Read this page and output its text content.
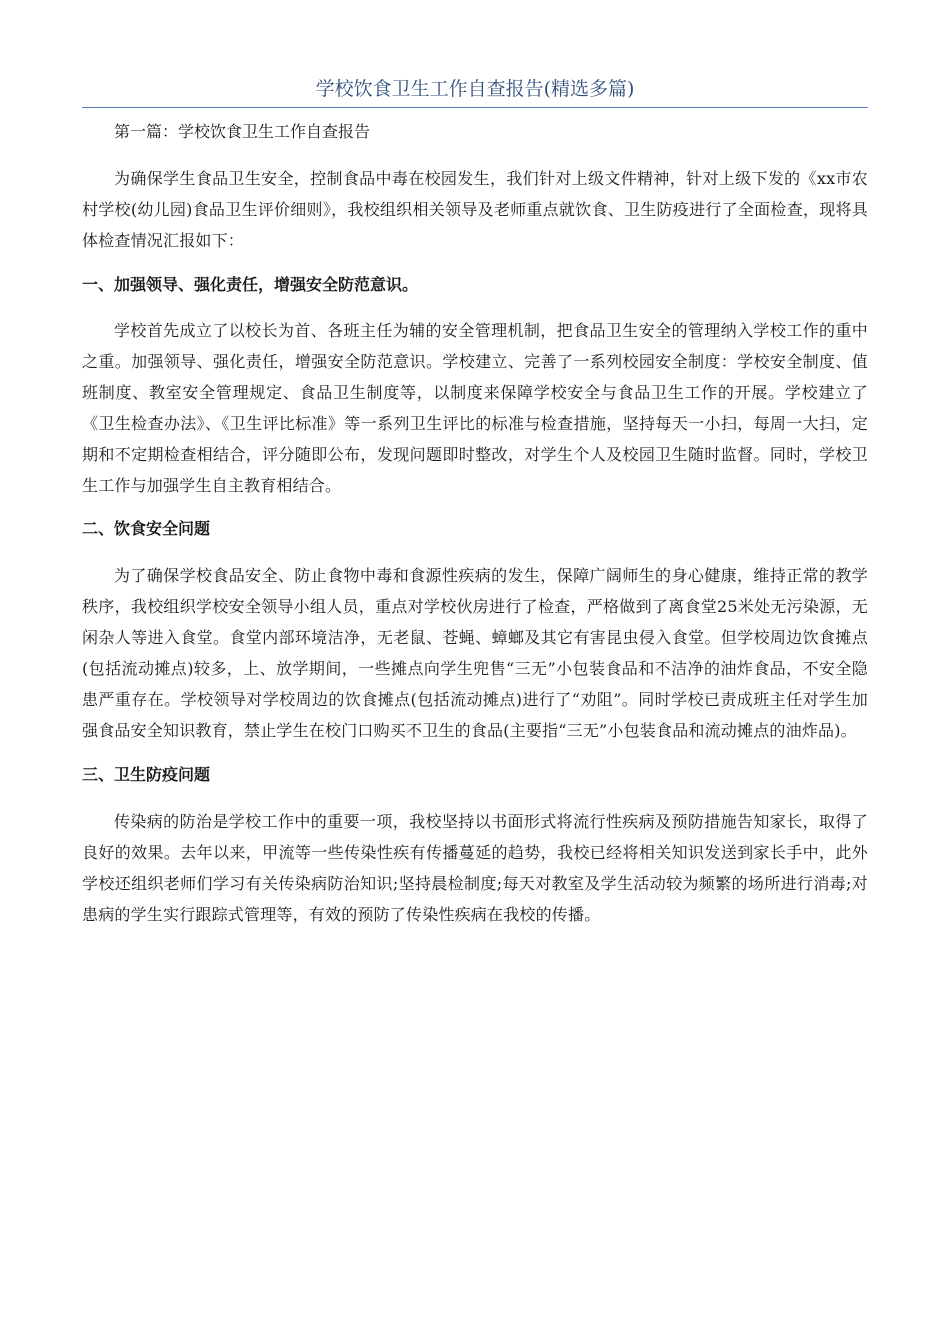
学校饮食卫生工作自查报告(精选多篇)

第一篇：学校饮食卫生工作自查报告

为确保学生食品卫生安全，控制食品中毒在校园发生，我们针对上级文件精神，针对上级下发的《xx市农村学校(幼儿园)食品卫生评价细则》，我校组织相关领导及老师重点就饮食、卫生防疫进行了全面检查，现将具体检查情况汇报如下：

一、加强领导、强化责任，增强安全防范意识。

学校首先成立了以校长为首、各班主任为辅的安全管理机制，把食品卫生安全的管理纳入学校工作的重中之重。加强领导、强化责任，增强安全防范意识。学校建立、完善了一系列校园安全制度：学校安全制度、值班制度、教室安全管理规定、食品卫生制度等，以制度来保障学校安全与食品卫生工作的开展。学校建立了《卫生检查办法》、《卫生评比标准》等一系列卫生评比的标准与检查措施，坚持每天一小扫，每周一大扫，定期和不定期检查相结合，评分随即公布，发现问题即时整改，对学生个人及校园卫生随时监督。同时，学校卫生工作与加强学生自主教育相结合。

二、饮食安全问题

为了确保学校食品安全、防止食物中毒和食源性疾病的发生，保障广阔师生的身心健康，维持正常的教学秩序，我校组织学校安全领导小组人员，重点对学校伙房进行了检查，严格做到了离食堂25米处无污染源，无闲杂人等进入食堂。食堂内部环境洁净，无老鼠、苍蝇、蟑螂及其它有害昆虫侵入食堂。但学校周边饮食摊点(包括流动摊点)较多，上、放学期间，一些摊点向学生兜售“三无”小包装食品和不洁净的油炸食品，不安全隐患严重存在。学校领导对学校周边的饮食摊点(包括流动摊点)进行了“劝阻”。同时学校已责成班主任对学生加强食品安全知识教育，禁止学生在校门口购买不卫生的食品(主要指“三无”小包装食品和流动摊点的油炸品)。

三、卫生防疫问题

传染病的防治是学校工作中的重要一项，我校坚持以书面形式将流行性疾病及预防措施告知家长，取得了良好的效果。去年以来，甲流等一些传染性疾有传播蔓延的趋势，我校已经将相关知识发送到家长手中，此外学校还组织老师们学习有关传染病防治知识;坚持晨检制度;每天对教室及学生活动较为频繁的场所进行消毒;对患病的学生实行跟踪式管理等，有效的预防了传染性疾病在我校的传播。
